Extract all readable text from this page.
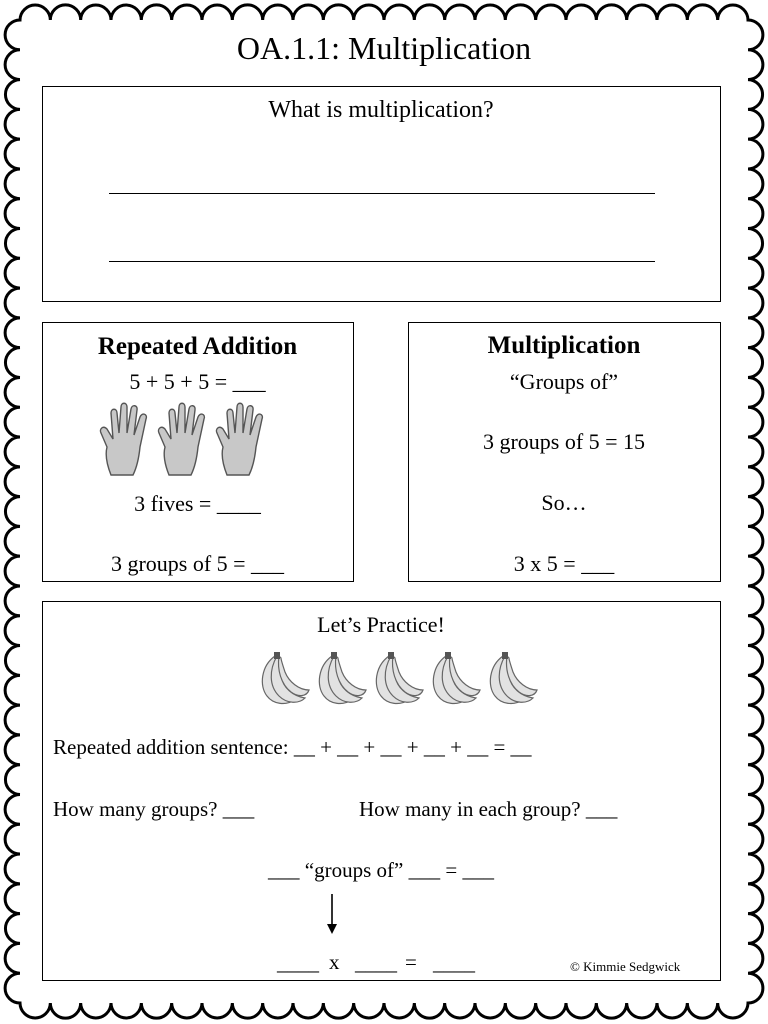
OA.1.1: Multiplication
What is multiplication?
Repeated Addition
5 + 5 + 5 = ___
3 fives = ____
3 groups of 5 = ___
Multiplication
“Groups of”
3 groups of 5 = 15
So…
3 x 5 = ___
Let’s Practice!
Repeated addition sentence: __ + __ + __ + __ + __ = __
How many groups? ___	How many in each group? ___
___ “groups of” ___ = ___
____ x ____ = ____	© Kimmie Sedgwick
